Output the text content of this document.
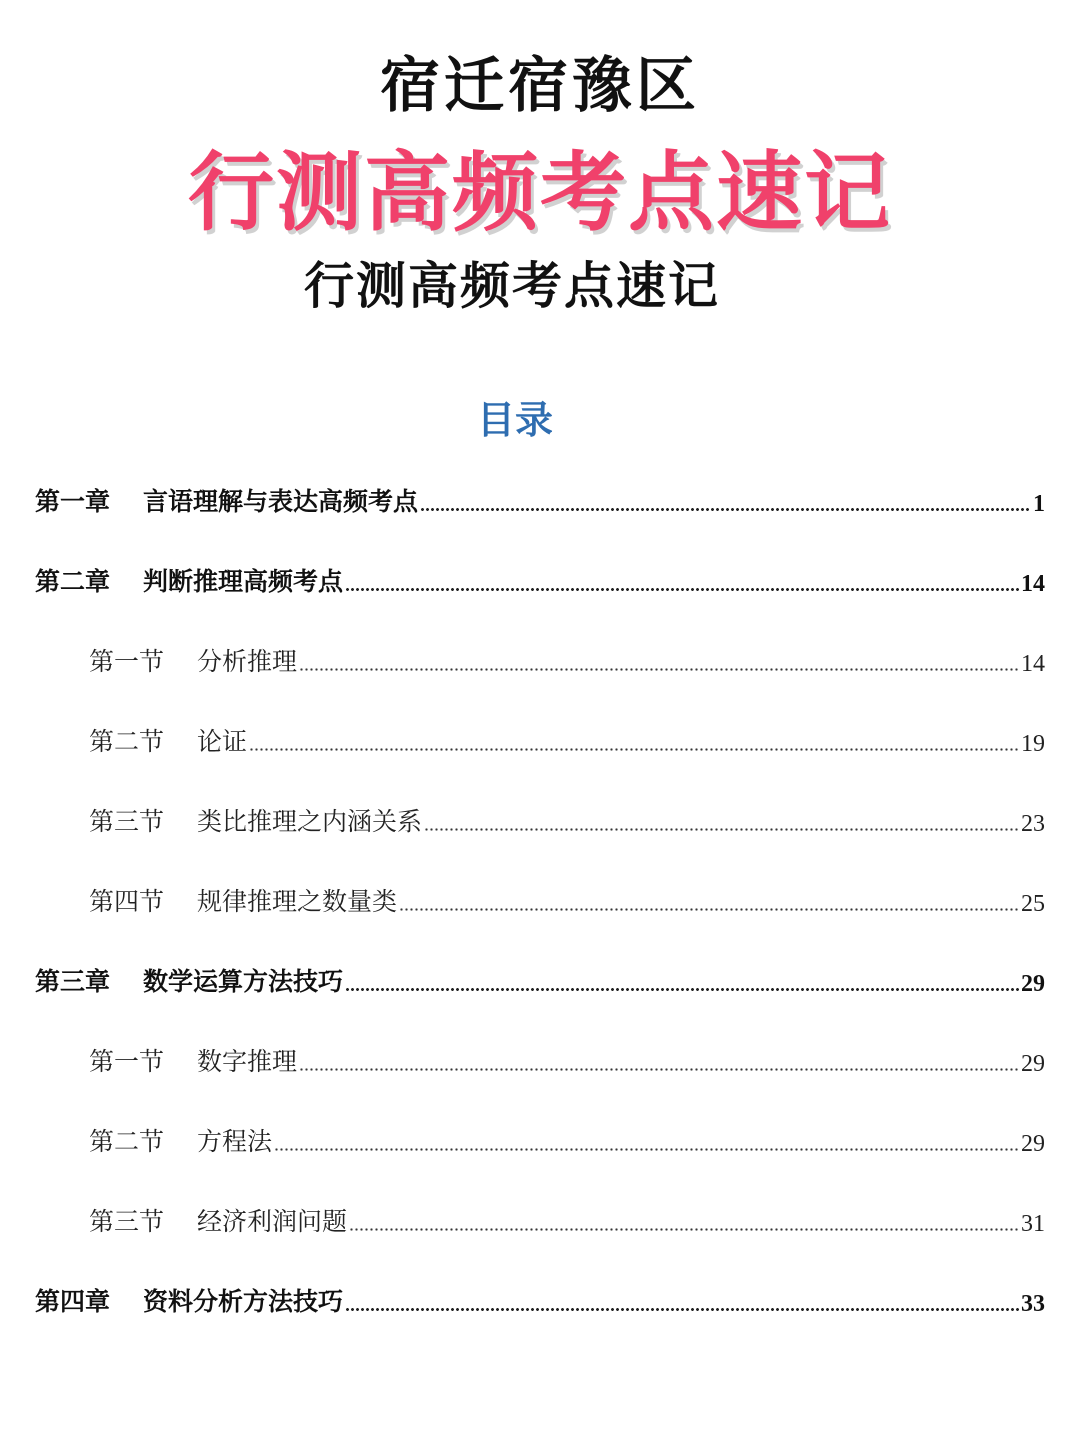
宿迁宿豫区
行测高频考点速记
行测高频考点速记
目录
第一章	言语理解与表达高频考点	1
第二章	判断推理高频考点	14
第一节	分析推理	14
第二节	论证	19
第三节	类比推理之内涵关系	23
第四节	规律推理之数量类	25
第三章	数学运算方法技巧	29
第一节	数字推理	29
第二节	方程法	29
第三节	经济利润问题	31
第四章	资料分析方法技巧	33
